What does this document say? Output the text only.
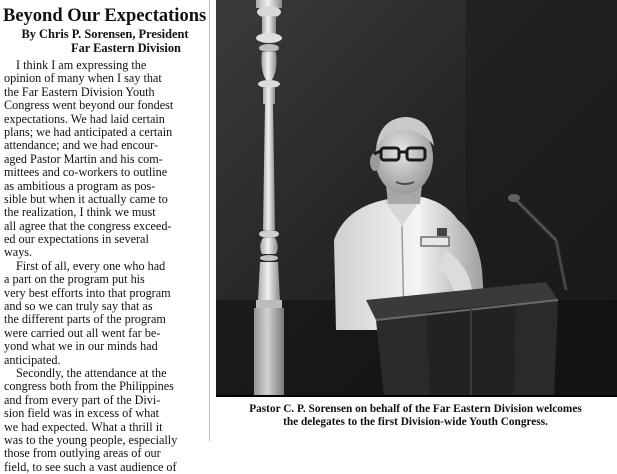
Beyond Our Expectations
By Chris P. Sorensen, President
Far Eastern Division
I think I am expressing the
opinion of many when I say that
the Far Eastern Division Youth
Congress went beyond our fondest
expectations. We had laid certain
plans; we had anticipated a certain
attendance; and we had encour-
aged Pastor Martin and his com-
mittees and co-workers to outline
as ambitious a program as pos-
sible but when it actually came to
the realization, I think we must
all agree that the congress exceed-
ed our expectations in several
ways.
First of all, every one who had
a part on the program put his
very best efforts into that program
and so we can truly say that as
the different parts of the program
were carried out all went far be-
yond what we in our minds had
anticipated.
Secondly, the attendance at the
congress both from the Philippines
and from every part of the Divi-
sion field was in excess of what
we had expected. What a thrill it
was to the young people, especially
those from outlying areas of our
field, to see such a vast audience of
Pastor C. P. Sorensen on behalf of the Far Eastern Division welcomes
the delegates to the first Division-wide Youth Congress.
